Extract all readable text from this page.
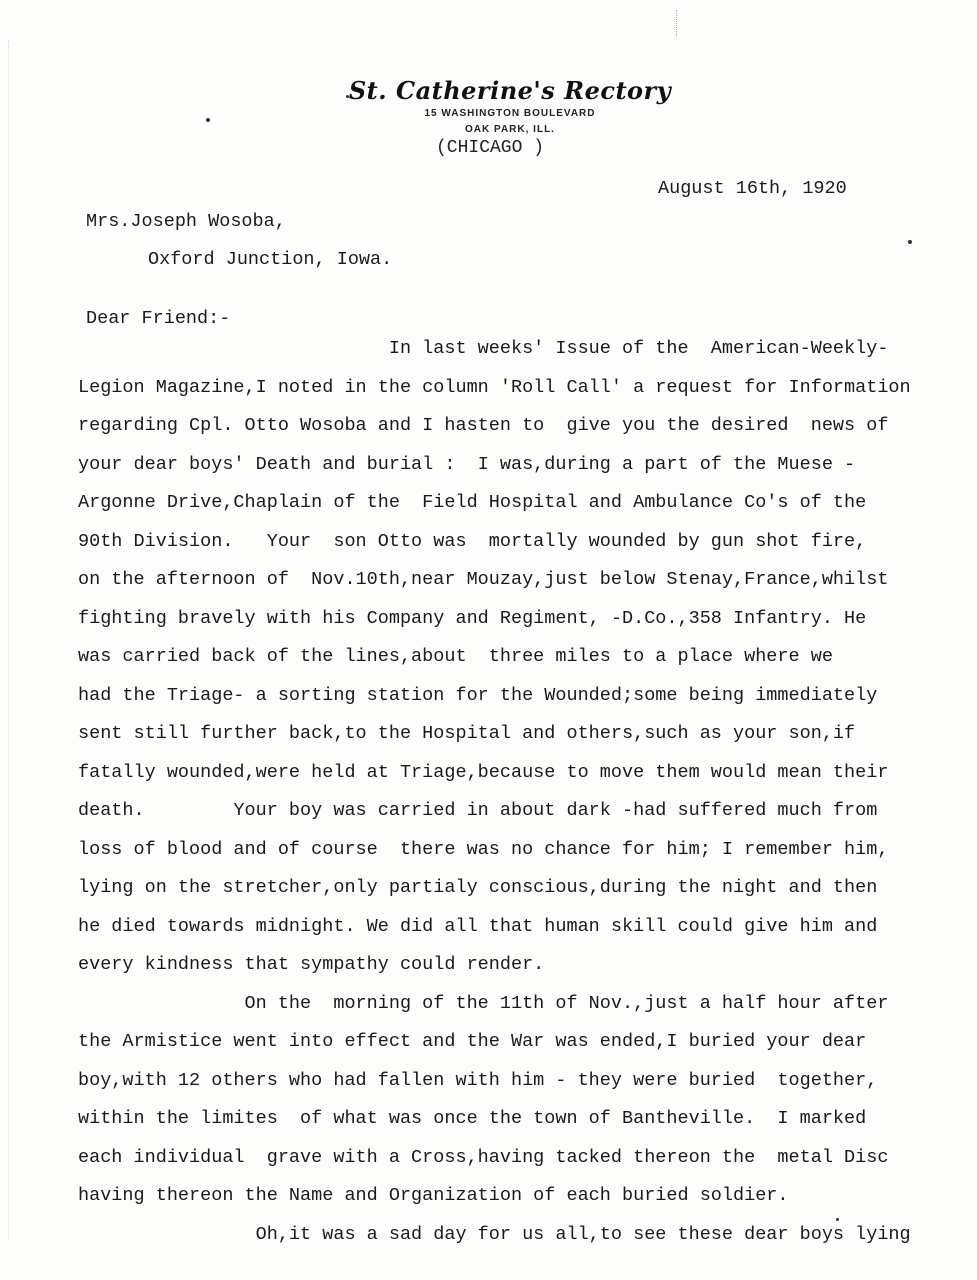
St. Catherine's Rectory
15 WASHINGTON BOULEVARD
OAK PARK, ILL.
(CHICAGO )
August 16th, 1920
Mrs.Joseph Wosoba,
Oxford Junction, Iowa.
Dear Friend:-
In last weeks' Issue of the  American-Weekly-
Legion Magazine,I noted in the column 'Roll Call' a request for Information
regarding Cpl. Otto Wosoba and I hasten to  give you the desired  news of
your dear boys' Death and burial :  I was,during a part of the Muese -
Argonne Drive,Chaplain of the  Field Hospital and Ambulance Co's of the
90th Division.   Your  son Otto was  mortally wounded by gun shot fire,
on the afternoon of  Nov.10th,near Mouzay,just below Stenay,France,whilst
fighting bravely with his Company and Regiment, -D.Co.,358 Infantry. He
was carried back of the lines,about  three miles to a place where we
had the Triage- a sorting station for the Wounded;some being immediately
sent still further back,to the Hospital and others,such as your son,if
fatally wounded,were held at Triage,because to move them would mean their
death.        Your boy was carried in about dark -had suffered much from
loss of blood and of course  there was no chance for him; I remember him,
lying on the stretcher,only partialy conscious,during the night and then
he died towards midnight. We did all that human skill could give him and
every kindness that sympathy could render.
On the  morning of the 11th of Nov.,just a half hour after
the Armistice went into effect and the War was ended,I buried your dear
boy,with 12 others who had fallen with him - they were buried  together,
within the limites  of what was once the town of Bantheville.  I marked
each individual  grave with a Cross,having tacked thereon the  metal Disc
having thereon the Name and Organization of each buried soldier.
Oh,it was a sad day for us all,to see these dear boys lying
